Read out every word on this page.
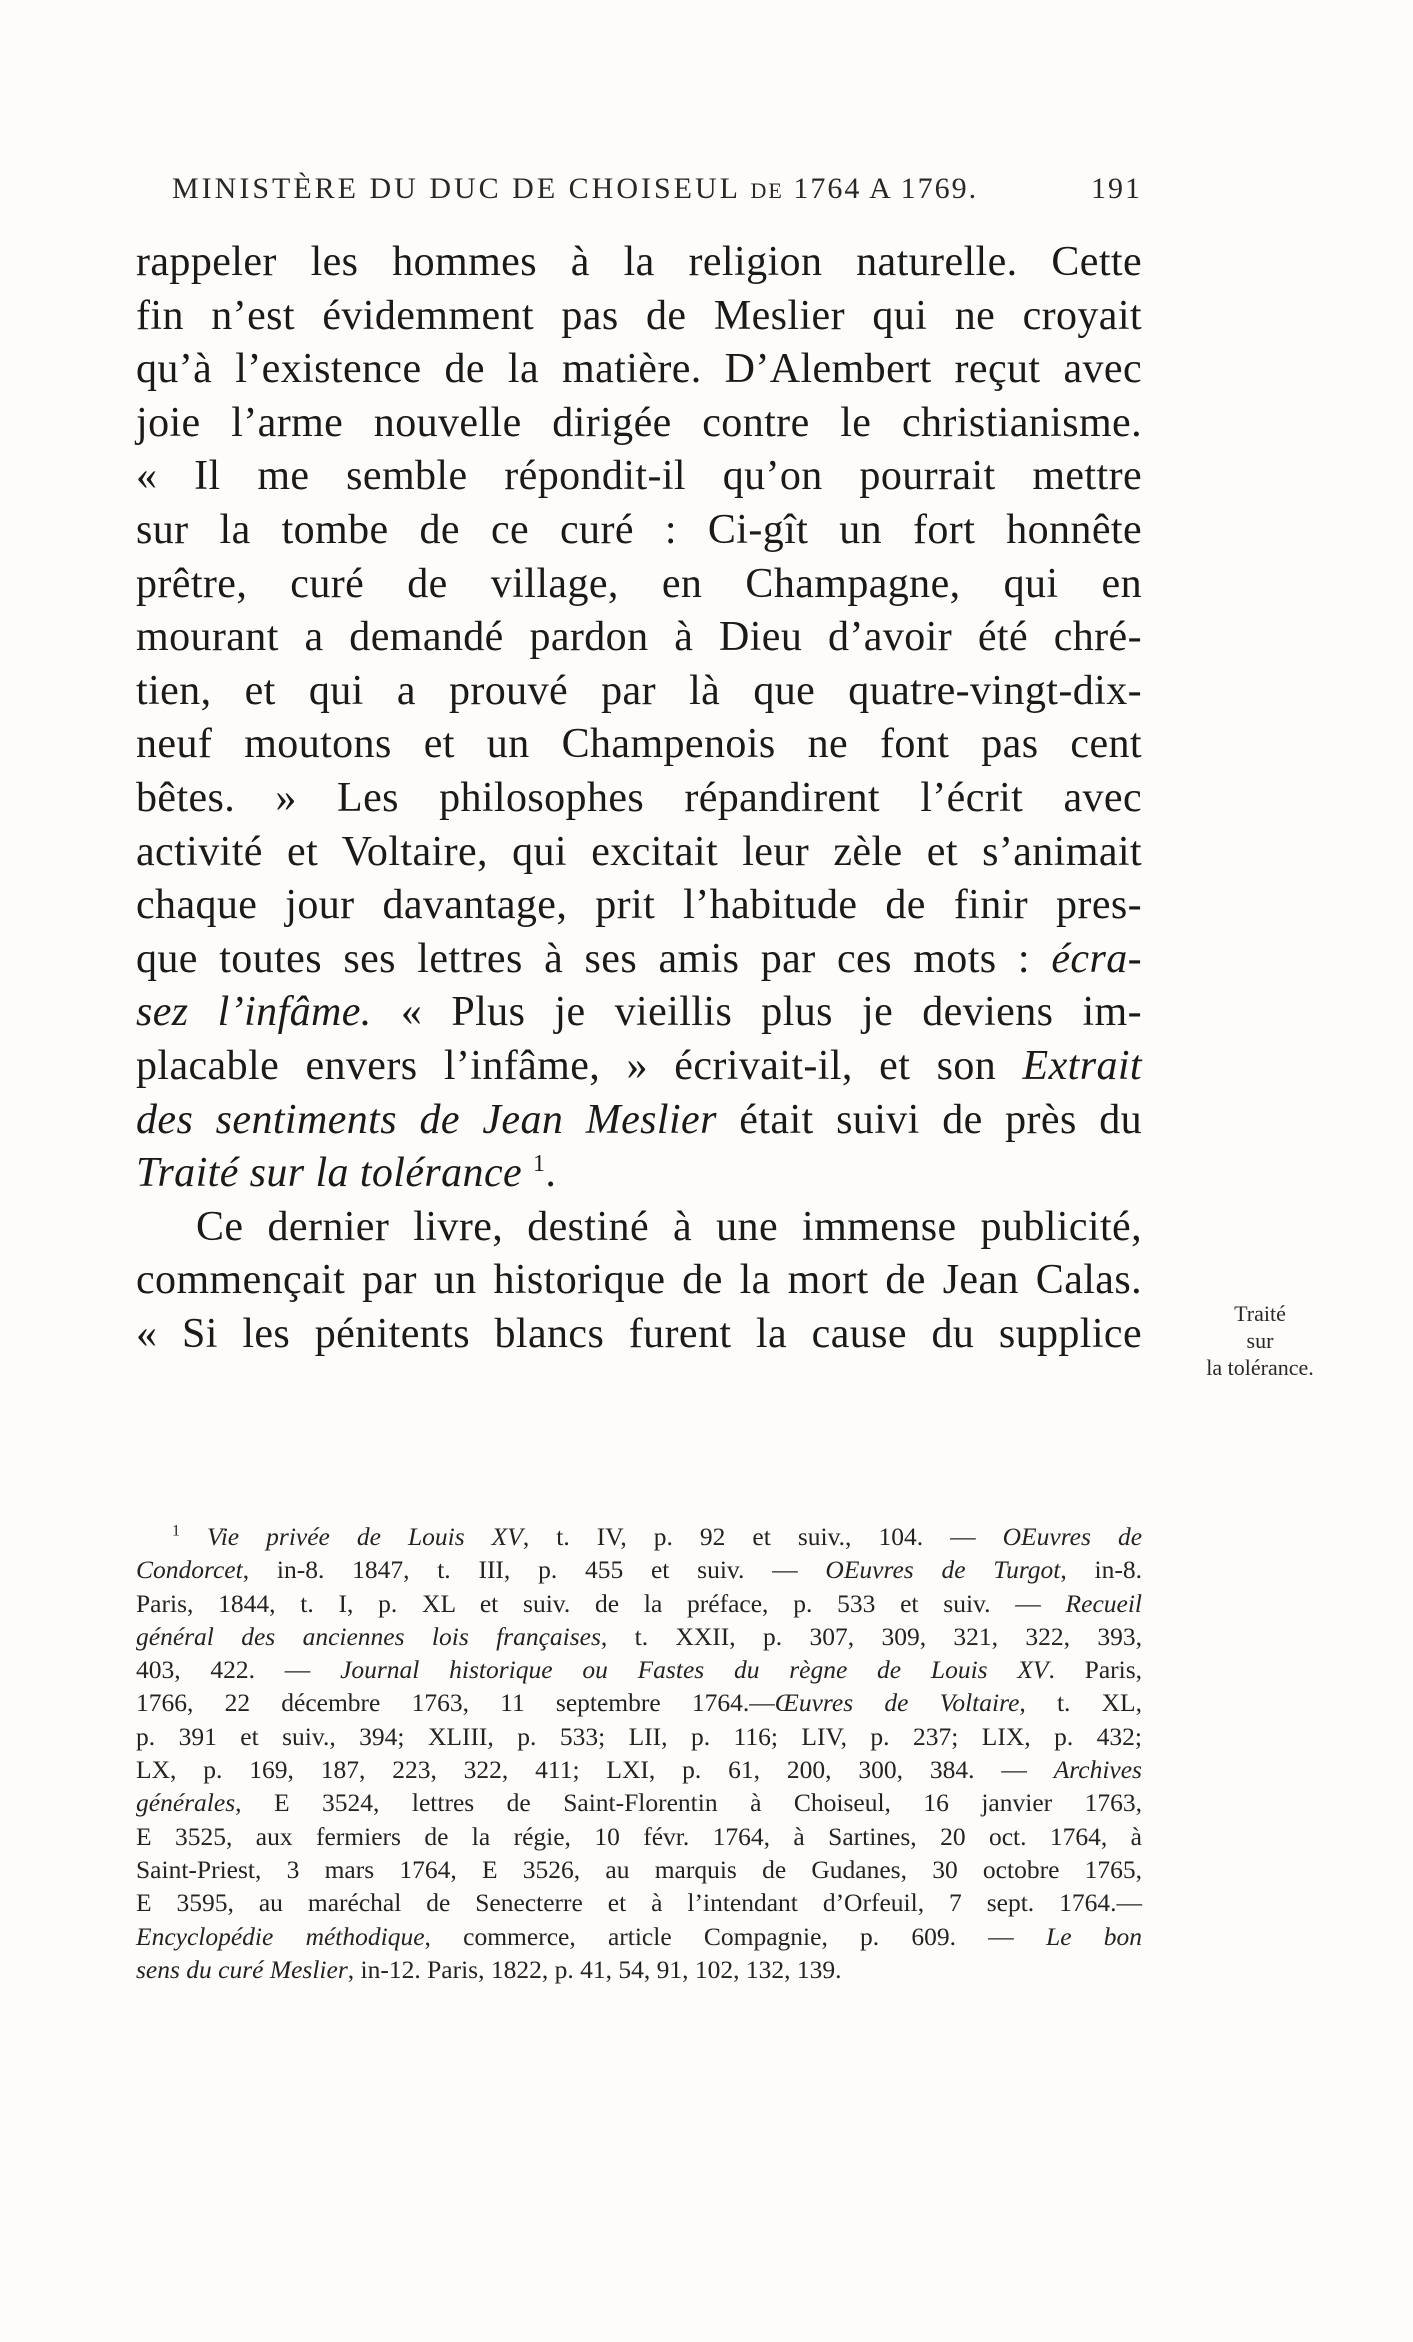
MINISTÈRE DU DUC DE CHOISEUL DE 1764 A 1769.	191
rappeler les hommes à la religion naturelle. Cette
fin n’est évidemment pas de Meslier qui ne croyait
qu’à l’existence de la matière. D’Alembert reçut avec
joie l’arme nouvelle dirigée contre le christianisme.
« Il me semble répondit-il qu’on pourrait mettre
sur la tombe de ce curé : Ci-gît un fort honnête
prêtre, curé de village, en Champagne, qui en
mourant a demandé pardon à Dieu d’avoir été chré-
tien, et qui a prouvé par là que quatre-vingt-dix-
neuf moutons et un Champenois ne font pas cent
bêtes. » Les philosophes répandirent l’écrit avec
activité et Voltaire, qui excitait leur zèle et s’animait
chaque jour davantage, prit l’habitude de finir pres-
que toutes ses lettres à ses amis par ces mots : écra-
sez l’infâme. « Plus je vieillis plus je deviens im-
placable envers l’infâme, » écrivait-il, et son Extrait
des sentiments de Jean Meslier était suivi de près du
Traité sur la tolérance $^1$.
Ce dernier livre, destiné à une immense publicité,
commençait par un historique de la mort de Jean Calas.
« Si les pénitents blancs furent la cause du supplice	Traité
sur
la tolérance.
$^1$ Vie privée de Louis XV, t. IV, p. 92 et suiv., 104. — OEuvres de
Condorcet, in-8. 1847, t. III, p. 455 et suiv. — OEuvres de Turgot, in-8.
Paris, 1844, t. I, p. XL et suiv. de la préface, p. 533 et suiv. — Recueil
général des anciennes lois françaises, t. XXII, p. 307, 309, 321, 322, 393,
403, 422. — Journal historique ou Fastes du règne de Louis XV. Paris,
1766, 22 décembre 1763, 11 septembre 1764.—Œuvres de Voltaire, t. XL,
p. 391 et suiv., 394; XLIII, p. 533; LII, p. 116; LIV, p. 237; LIX, p. 432;
LX, p. 169, 187, 223, 322, 411; LXI, p. 61, 200, 300, 384. — Archives
générales, E 3524, lettres de Saint-Florentin à Choiseul, 16 janvier 1763,
E 3525, aux fermiers de la régie, 10 févr. 1764, à Sartines, 20 oct. 1764, à
Saint-Priest, 3 mars 1764, E 3526, au marquis de Gudanes, 30 octobre 1765,
E 3595, au maréchal de Senecterre et à l’intendant d’Orfeuil, 7 sept. 1764.—
Encyclopédie méthodique, commerce, article Compagnie, p. 609. — Le bon
sens du curé Meslier, in-12. Paris, 1822, p. 41, 54, 91, 102, 132, 139.
